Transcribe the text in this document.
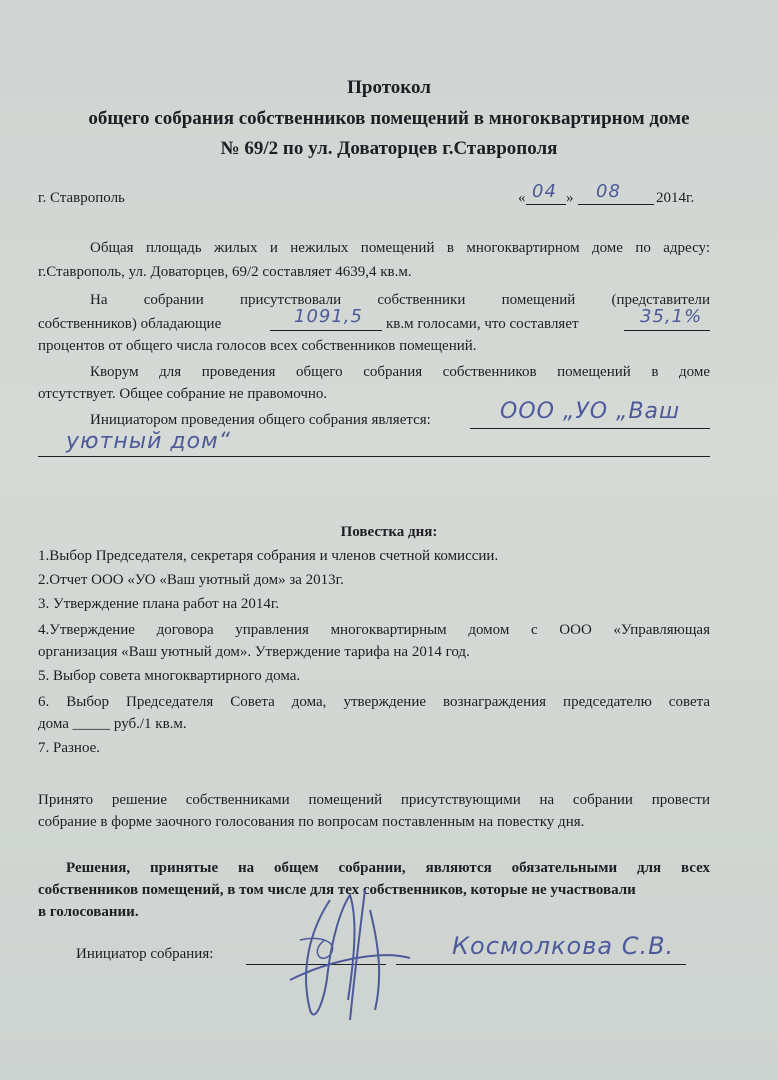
Протокол
общего собрания собственников помещений в многоквартирном доме
№ 69/2 по ул. Доваторцев г.Ставрополя
г. Ставрополь	« 04 » 08 2014г.
Общая площадь жилых и нежилых помещений в многоквартирном доме по адресу:
г.Ставрополь, ул. Доваторцев, 69/2 составляет 4639,4 кв.м.
На собрании присутствовали собственники помещений (представители
собственников) обладающие	1091,5 кв.м голосами, что составляет	35,1%
процентов от общего числа голосов всех собственников помещений.
Кворум для проведения общего собрания собственников помещений в доме
отсутствует. Общее собрание не правомочно.
Инициатором проведения общего собрания является:	ООО „УО „Ваш
уютный дом“
Повестка дня:
1.Выбор Председателя, секретаря собрания и членов счетной комиссии.
2.Отчет ООО «УО «Ваш уютный дом» за 2013г.
3. Утверждение плана работ на 2014г.
4.Утверждение договора управления многоквартирным домом с ООО «Управляющая
организация «Ваш уютный дом». Утверждение тарифа на 2014 год.
5. Выбор совета многоквартирного дома.
6. Выбор Председателя Совета дома, утверждение вознаграждения председателю совета
дома _____ руб./1 кв.м.
7. Разное.
Принято решение собственниками помещений присутствующими на собрании провести
собрание в форме заочного голосования по вопросам поставленным на повестку дня.
Решения, принятые на общем собрании, являются обязательными для всех
собственников помещений, в том числе для тех собственников, которые не участвовали
в голосовании.
Инициатор собрания:	Космолкова С.В.
